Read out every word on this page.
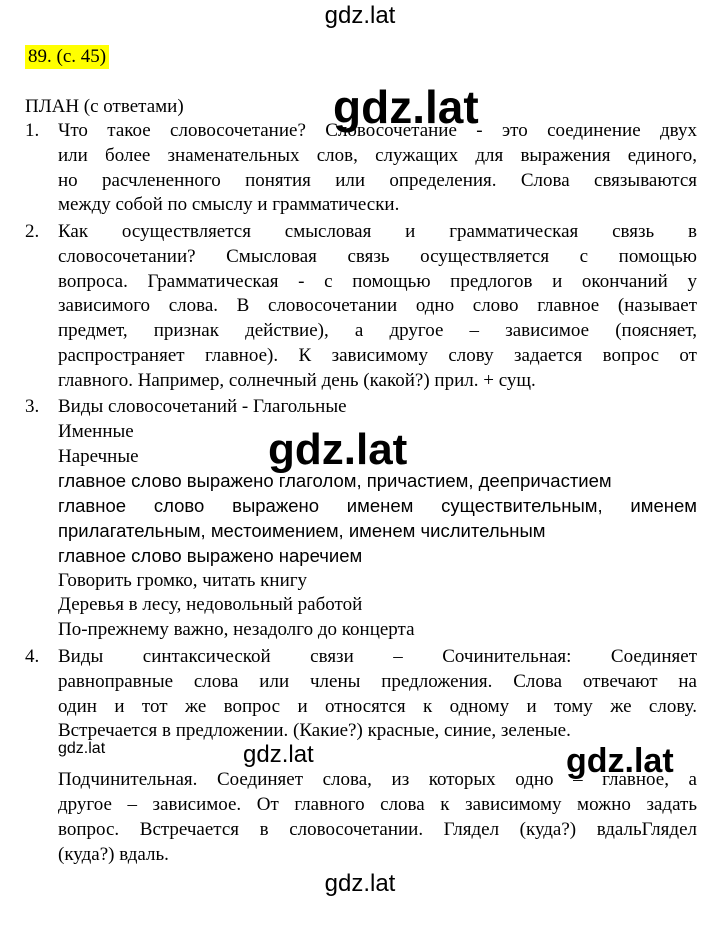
gdz.lat
89. (с. 45)
ПЛАН (с ответами)
1. Что такое словосочетание? Словосочетание - это соединение двух
или более знаменательных слов, служащих для выражения единого,
но расчлененного понятия или определения. Слова связываются
между собой по смыслу и грамматически.
2. Как осуществляется смысловая и грамматическая связь в
словосочетании? Смысловая связь осуществляется с помощью
вопроса. Грамматическая - с помощью предлогов и окончаний у
зависимого слова. В словосочетании одно слово главное (называет
предмет, признак действие), а другое – зависимое (поясняет,
распространяет главное). К зависимому слову задается вопрос от
главного. Например, солнечный день (какой?) прил. + сущ.
3. Виды словосочетаний - Глагольные
Именные
Наречные
главное слово выражено глаголом, причастием, деепричастием
главное слово выражено именем существительным, именем
прилагательным, местоимением, именем числительным
главное слово выражено наречием
Говорить громко, читать книгу
Деревья в лесу, недовольный работой
По-прежнему важно, незадолго до концерта
4. Виды синтаксической связи – Сочинительная: Соединяет
равноправные слова или члены предложения. Слова отвечают на
один и тот же вопрос и относятся к одному и тому же слову.
Встречается в предложении. (Какие?) красные, синие, зеленые.
Подчинительная. Соединяет слова, из которых одно – главное, а
другое – зависимое. От главного слова к зависимому можно задать
вопрос. Встречается в словосочетании. Глядел (куда?) вдальГлядел
(куда?) вдаль.
gdz.lat
gdz.lat
gdz.lat	gdz.lat	gdz.lat
gdz.lat
